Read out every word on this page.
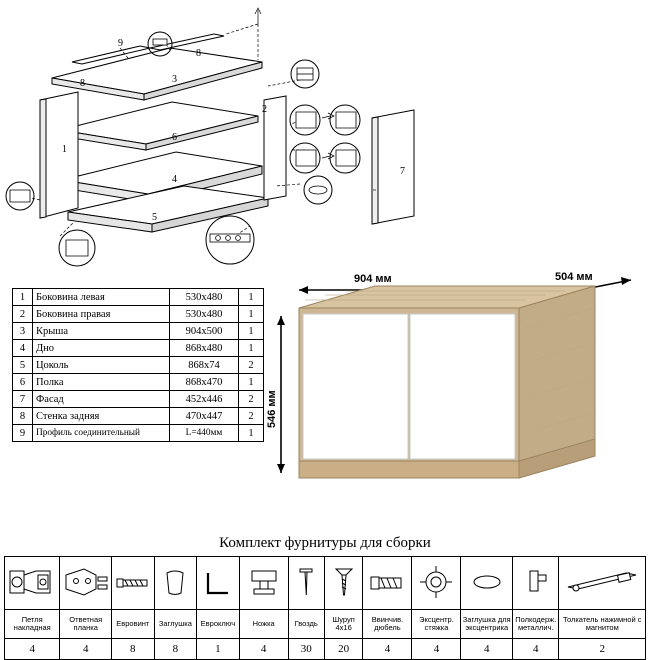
1
2
3
4
5
6
7
8
8
9
1	Боковина левая	530х480	1
2	Боковина правая	530х480	1
3	Крыша	904х500	1
4	Дно	868х480	1
5	Цоколь	868х74	2
6	Полка	868х470	1
7	Фасад	452х446	2
8	Стенка задняя	470х447	2
9	Профиль соединительный	L=440мм	1
904 мм	504 мм
546 мм
Комплект фурнитуры для сборки

Петля накладная	Ответная планка	Евровинт	Заглушка	Евроключ	Ножка	Гвоздь	Шуруп 4х16	Ввинчив. дюбель	Эксцентр. стяжка	Заглушка для эксцентрика	Полкодерж. металлич.	Толкатель нажимной с магнитом
4	4	8	8	1	4	30	20	4	4	4	4	2
